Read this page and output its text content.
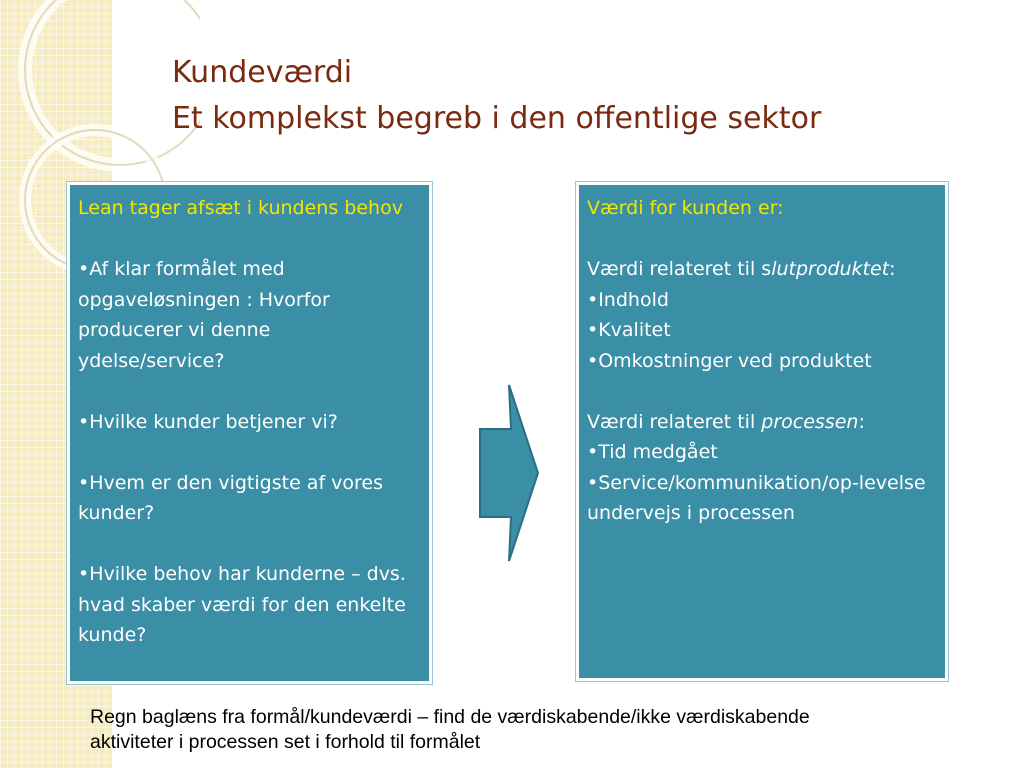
Kundeværdi
Et komplekst begreb i den offentlige sektor

Lean tager afsæt i kundens behov

•Af klar formålet med opgaveløsningen : Hvorfor producerer vi denne ydelse/service?

•Hvilke kunder betjener vi?

•Hvem er den vigtigste af vores kunder?

•Hvilke behov har kunderne – dvs. hvad skaber værdi for den enkelte kunde?

Værdi for kunden er:

Værdi relateret til slutproduktet:

•Indhold

•Kvalitet

•Omkostninger ved produktet

Værdi relateret til processen:

•Tid medgået

•Service/kommunikation/op-levelse undervejs i processen

Regn baglæns fra formål/kundeværdi – find de værdiskabende/ikke værdiskabende
aktiviteter i processen set i forhold til formålet
